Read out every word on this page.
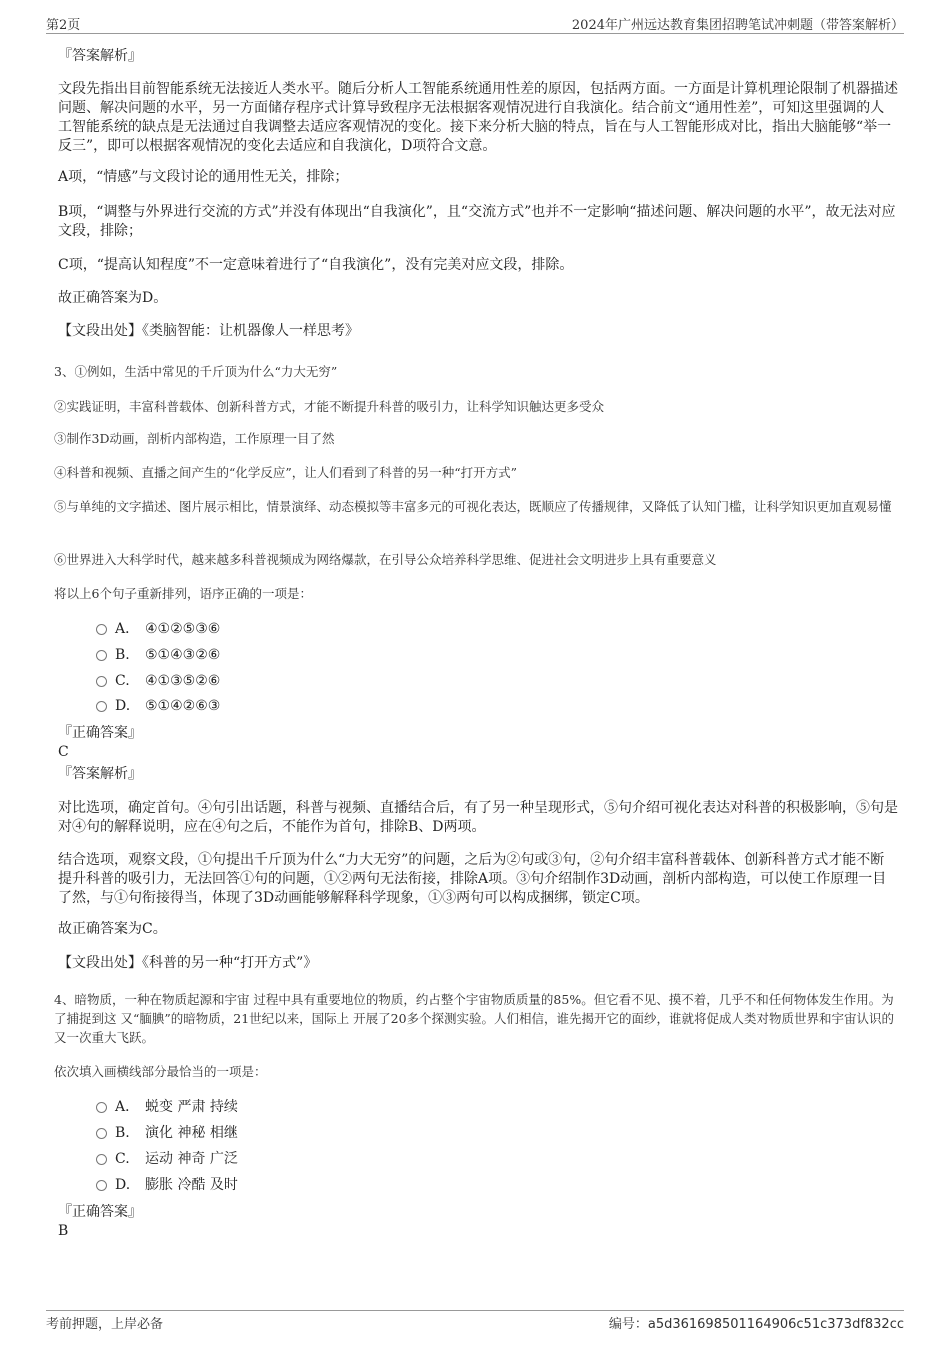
第2页	2024年广州远达教育集团招聘笔试冲刺题（带答案解析）

『答案解析』

文段先指出目前智能系统无法接近人类水平。随后分析人工智能系统通用性差的原因，包括两方面。一方面是计算机理论限制了机器描述问题、解决问题的水平，另一方面储存程序式计算导致程序无法根据客观情况进行自我演化。结合前文“通用性差”，可知这里强调的人工智能系统的缺点是无法通过自我调整去适应客观情况的变化。接下来分析大脑的特点，旨在与人工智能形成对比，指出大脑能够“举一反三”，即可以根据客观情况的变化去适应和自我演化，D项符合文意。

A项，“情感”与文段讨论的通用性无关，排除；

B项，“调整与外界进行交流的方式”并没有体现出“自我演化”，且“交流方式”也并不一定影响“描述问题、解决问题的水平”，故无法对应文段，排除；

C项，“提高认知程度”不一定意味着进行了“自我演化”，没有完美对应文段，排除。

故正确答案为D。

【文段出处】《类脑智能：让机器像人一样思考》

3、①例如，生活中常见的千斤顶为什么“力大无穷”

②实践证明，丰富科普载体、创新科普方式，才能不断提升科普的吸引力，让科学知识触达更多受众

③制作3D动画，剖析内部构造，工作原理一目了然

④科普和视频、直播之间产生的“化学反应”，让人们看到了科普的另一种“打开方式”

⑤与单纯的文字描述、图片展示相比，情景演绎、动态模拟等丰富多元的可视化表达，既顺应了传播规律，又降低了认知门槛，让科学知识更加直观易懂

⑥世界进入大科学时代，越来越多科普视频成为网络爆款，在引导公众培养科学思维、促进社会文明进步上具有重要意义

将以上6个句子重新排列，语序正确的一项是：

A． ④①②⑤③⑥
B. ⑤①④③②⑥
C. ④①③⑤②⑥
D. ⑤①④②⑥③

『正确答案』

C

『答案解析』

对比选项，确定首句。④句引出话题，科普与视频、直播结合后，有了另一种呈现形式，⑤句介绍可视化表达对科普的积极影响，⑤句是对④句的解释说明，应在④句之后，不能作为首句，排除B、D两项。

结合选项，观察文段，①句提出千斤顶为什么“力大无穷”的问题，之后为②句或③句，②句介绍丰富科普载体、创新科普方式才能不断提升科普的吸引力，无法回答①句的问题，①②两句无法衔接，排除A项。③句介绍制作3D动画，剖析内部构造，可以使工作原理一目了然，与①句衔接得当，体现了3D动画能够解释科学现象，①③两句可以构成捆绑，锁定C项。

故正确答案为C。

【文段出处】《科普的另一种“打开方式”》

4、暗物质，一种在物质起源和宇宙 过程中具有重要地位的物质，约占整个宇宙物质质量的85%。但它看不见、摸不着，几乎不和任何物体发生作用。为了捕捉到这 又“腼腆”的暗物质，21世纪以来，国际上 开展了20多个探测实验。人们相信，谁先揭开它的面纱，谁就将促成人类对物质世界和宇宙认识的又一次重大飞跃。

依次填入画横线部分最恰当的一项是：

A． 蜕变 严肃 持续
B. 演化 神秘 相继
C. 运动 神奇 广泛
D. 膨胀 冷酷 及时

『正确答案』

B

考前押题，上岸必备	编号：a5d361698501164906c51c373df832cc
